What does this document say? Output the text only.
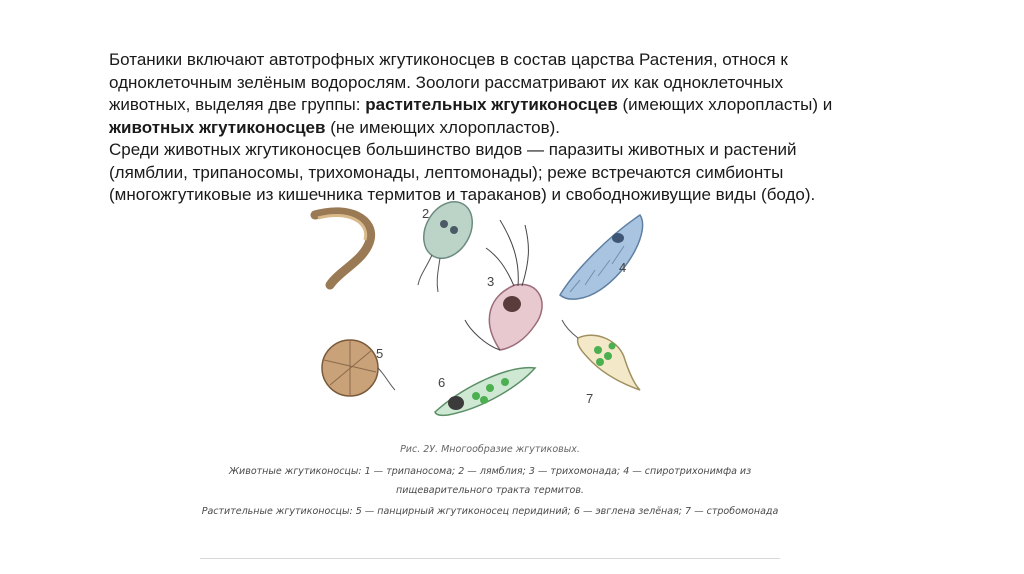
Ботаники включают автотрофных жгутиконосцев в состав царства Растения, относя к одноклеточным зелёным водорослям. Зоологи рассматривают их как одноклеточных животных, выделяя две группы: растительных жгутиконосцев (имеющих хлоропласты) и животных жгутиконосцев (не имеющих хлоропластов).

Среди животных жгутиконосцев большинство видов — паразиты животных и растений (лямблии, трипаносомы, трихомонады, лептомонады); реже встречаются симбионты (многожгутиковые из кишечника термитов и тараканов) и свободноживущие виды (бодо).

2
3
4
5
6
7
Рис. 2У. Многообразие жгутиковых.
Животные жгутиконосцы: 1 — трипаносома; 2 — лямблия; 3 — трихомонада; 4 — спиротрихонимфа из пищеварительного тракта термитов.
Растительные жгутиконосцы: 5 — панцирный жгутиконосец перидиний; 6 — эвглена зелёная; 7 — стробомонада
